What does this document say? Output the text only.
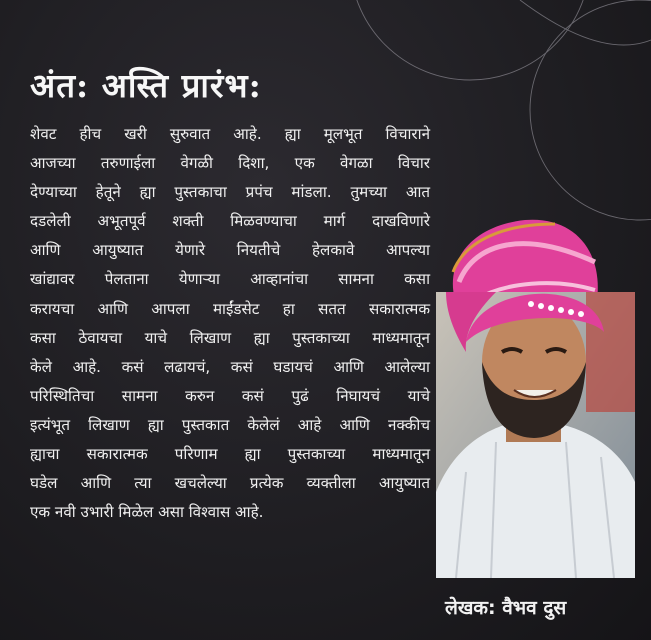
अंत: अस्ति प्रारंभ:
शेवट हीच खरी सुरुवात आहे. ह्या मूलभूत विचाराने
आजच्या तरुणाईला वेगळी दिशा, एक वेगळा विचार
देण्याच्या हेतूने ह्या पुस्तकाचा प्रपंच मांडला. तुमच्या आत
दडलेली अभूतपूर्व शक्ती मिळवण्याचा मार्ग दाखविणारे
आणि आयुष्यात येणारे नियतीचे हेलकावे आपल्या
खांद्यावर पेलताना येणाऱ्या आव्हानांचा सामना कसा
करायचा आणि आपला माईंडसेट हा सतत सकारात्मक
कसा ठेवायचा याचे लिखाण ह्या पुस्तकाच्या माध्यमातून
केले आहे. कसं लढायचं, कसं घडायचं आणि आलेल्या
परिस्थितिचा सामना करुन कसं पुढं निघायचं याचे
इत्यंभूत लिखाण ह्या पुस्तकात केलेलं आहे आणि नक्कीच
ह्याचा सकारात्मक परिणाम ह्या पुस्तकाच्या माध्यमातून
घडेल आणि त्या खचलेल्या प्रत्येक व्यक्तीला आयुष्यात
एक नवी उभारी मिळेल असा विश्वास आहे.
लेखक: वैभव दुस
